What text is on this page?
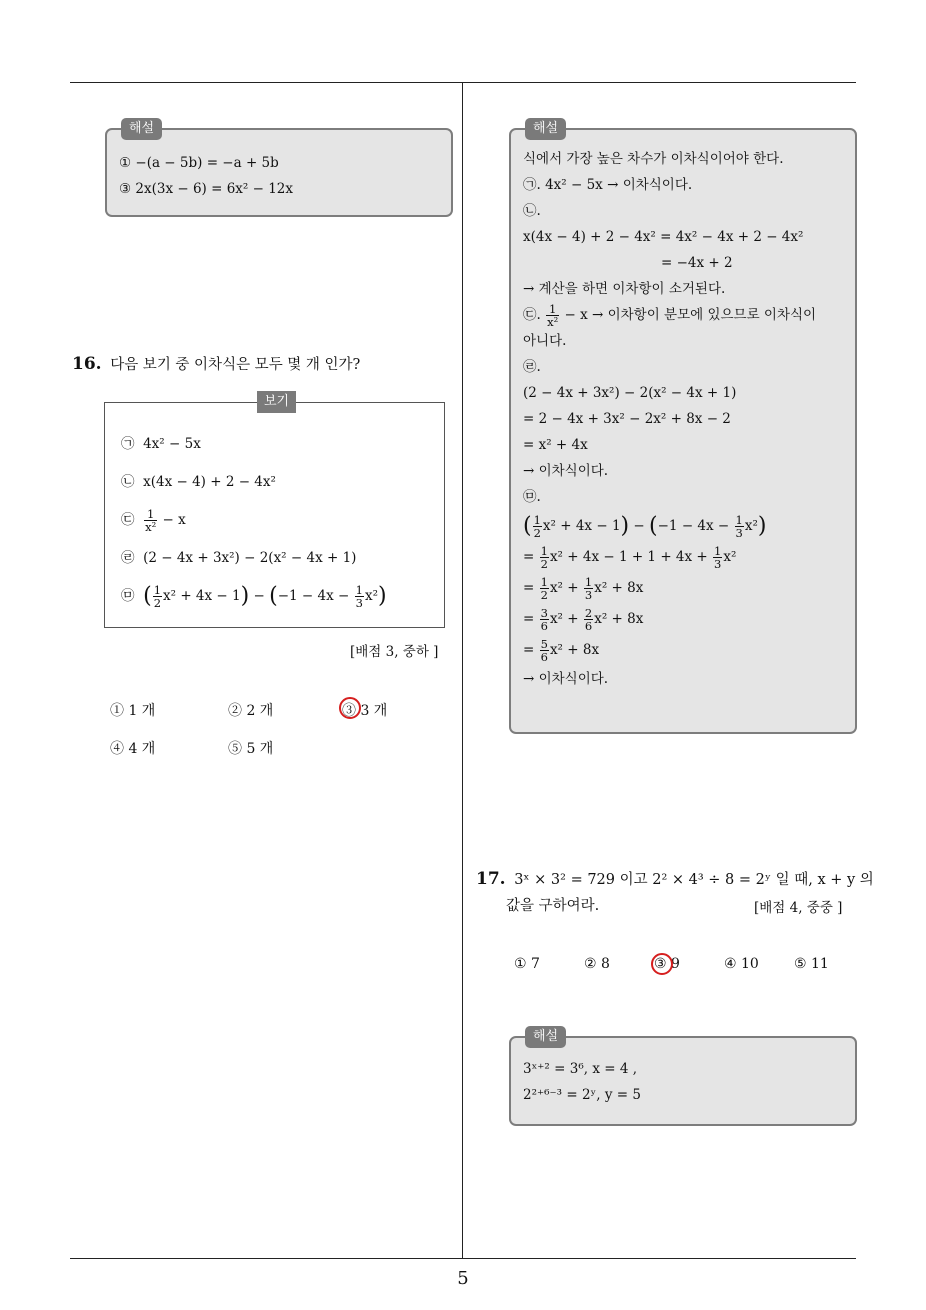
해설
① −(a − 5b) = −a + 5b
③ 2x(3x − 6) = 6x² − 12x
16. 다음 보기 중 이차식은 모두 몇 개 인가?
보기
㉠ 4x² − 5x
㉡ x(4x − 4) + 2 − 4x²
㉢ $\frac{1}{\text{x²}} - x$
㉣ (2 − 4x + 3x²) − 2(x² − 4x + 1)
㉤ ( $\frac{1}{2} x^2 + 4x - 1) - (-1 - 4x - \frac{1}{3} x^2)$
[배점 3, 중하 ]
① 1 개	② 2 개	③ 3 개
④ 4 개	⑤ 5 개
해설
식에서 가장 높은 차수가 이차식이어야 한다.
㉠. 4x² − 5x → 이차식이다.
㉡.
x(4x − 4) + 2 − 4x² = 4x² − 4x + 2 − 4x²
= −4x + 2
→ 계산을 하면 이차항이 소거된다.
㉢. $\frac{1}{\text{x²}} - x$ → 이차항이 분모에 있으므로 이차식이
아니다.
㉣.
(2 − 4x + 3x²) − 2(x² − 4x + 1)
= 2 − 4x + 3x² − 2x² + 8x − 2
= x² + 4x
→ 이차식이다.
㉤.
( $\frac{1}{2} x^2 + 4x - 1) - (-1 - 4x - \frac{1}{3} x^2)$
= $\frac{1}{2} x^2 + 4x - 1 + 1 + 4x + \frac{1}{3} x^2$
= $\frac{1}{2} x^2 + \frac{1}{3} x^2 + 8x$
= $\frac{3}{6} x^2 + \frac{2}{6} x^2 + 8x$
= $\frac{5}{6} x^2 + 8x$
→ 이차식이다.
17. 3ˣ × 3² = 729 이고 2² × 4³ ÷ 8 = 2ʸ 일 때, x + y 의
값을 구하여라.	[배점 4, 중중 ]
① 7	② 8	③ 9	④ 10	⑤ 11
해설
3ˣ⁺² = 3⁶, x = 4 ,
2²⁺⁶⁻³ = 2ʸ, y = 5
5
